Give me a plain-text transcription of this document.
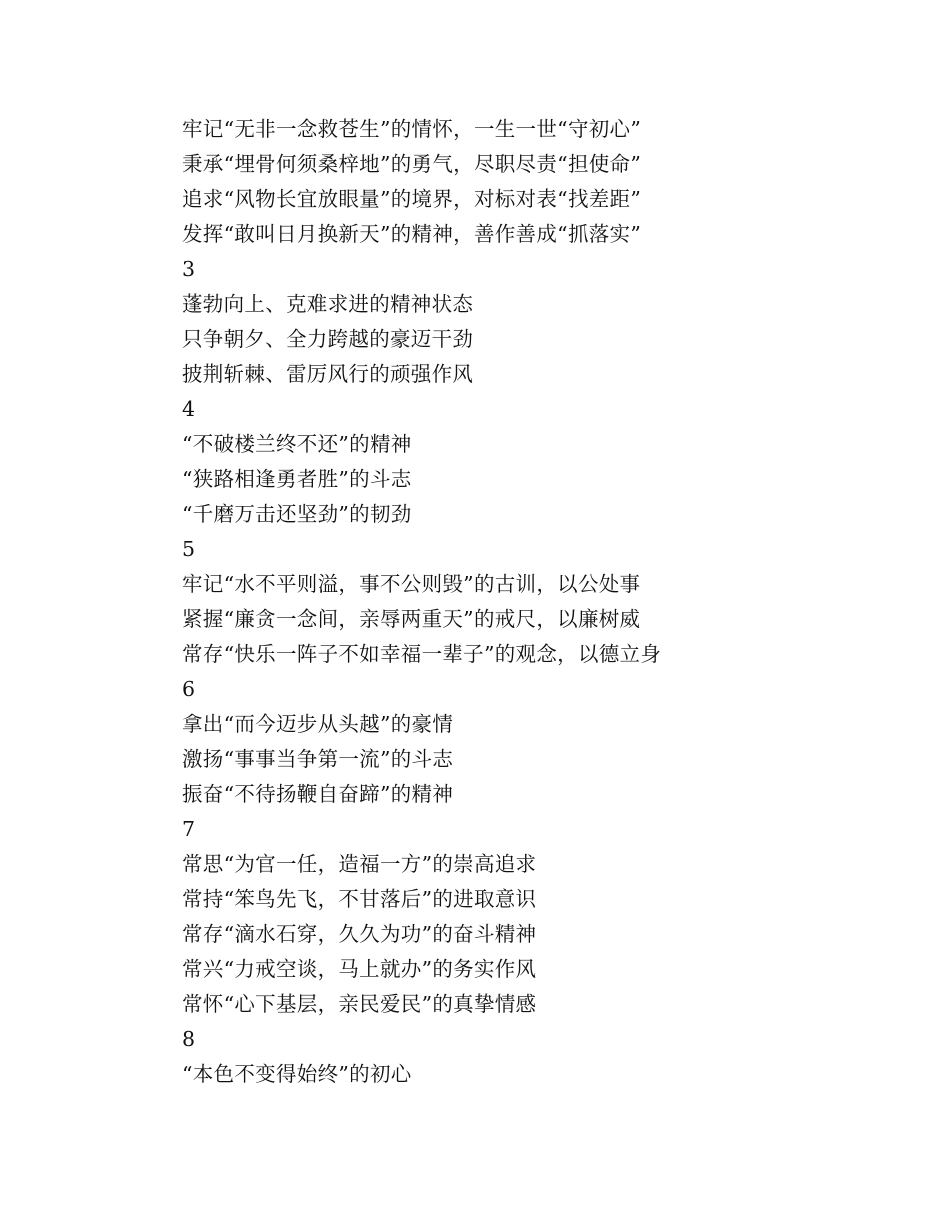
牢记“无非一念救苍生”的情怀，一生一世“守初心”
秉承“埋骨何须桑梓地”的勇气，尽职尽责“担使命”
追求“风物长宜放眼量”的境界，对标对表“找差距”
发挥“敢叫日月换新天”的精神，善作善成“抓落实”
3
蓬勃向上、克难求进的精神状态
只争朝夕、全力跨越的豪迈干劲
披荆斩棘、雷厉风行的顽强作风
4
“不破楼兰终不还”的精神
“狭路相逢勇者胜”的斗志
“千磨万击还坚劲”的韧劲
5
牢记“水不平则溢，事不公则毁”的古训，以公处事
紧握“廉贪一念间，亲辱两重天”的戒尺，以廉树威
常存“快乐一阵子不如幸福一辈子”的观念，以德立身
6
拿出“而今迈步从头越”的豪情
激扬“事事当争第一流”的斗志
振奋“不待扬鞭自奋蹄”的精神
7
常思“为官一任，造福一方”的崇高追求
常持“笨鸟先飞，不甘落后”的进取意识
常存“滴水石穿，久久为功”的奋斗精神
常兴“力戒空谈，马上就办”的务实作风
常怀“心下基层，亲民爱民”的真挚情感
8
“本色不变得始终”的初心
